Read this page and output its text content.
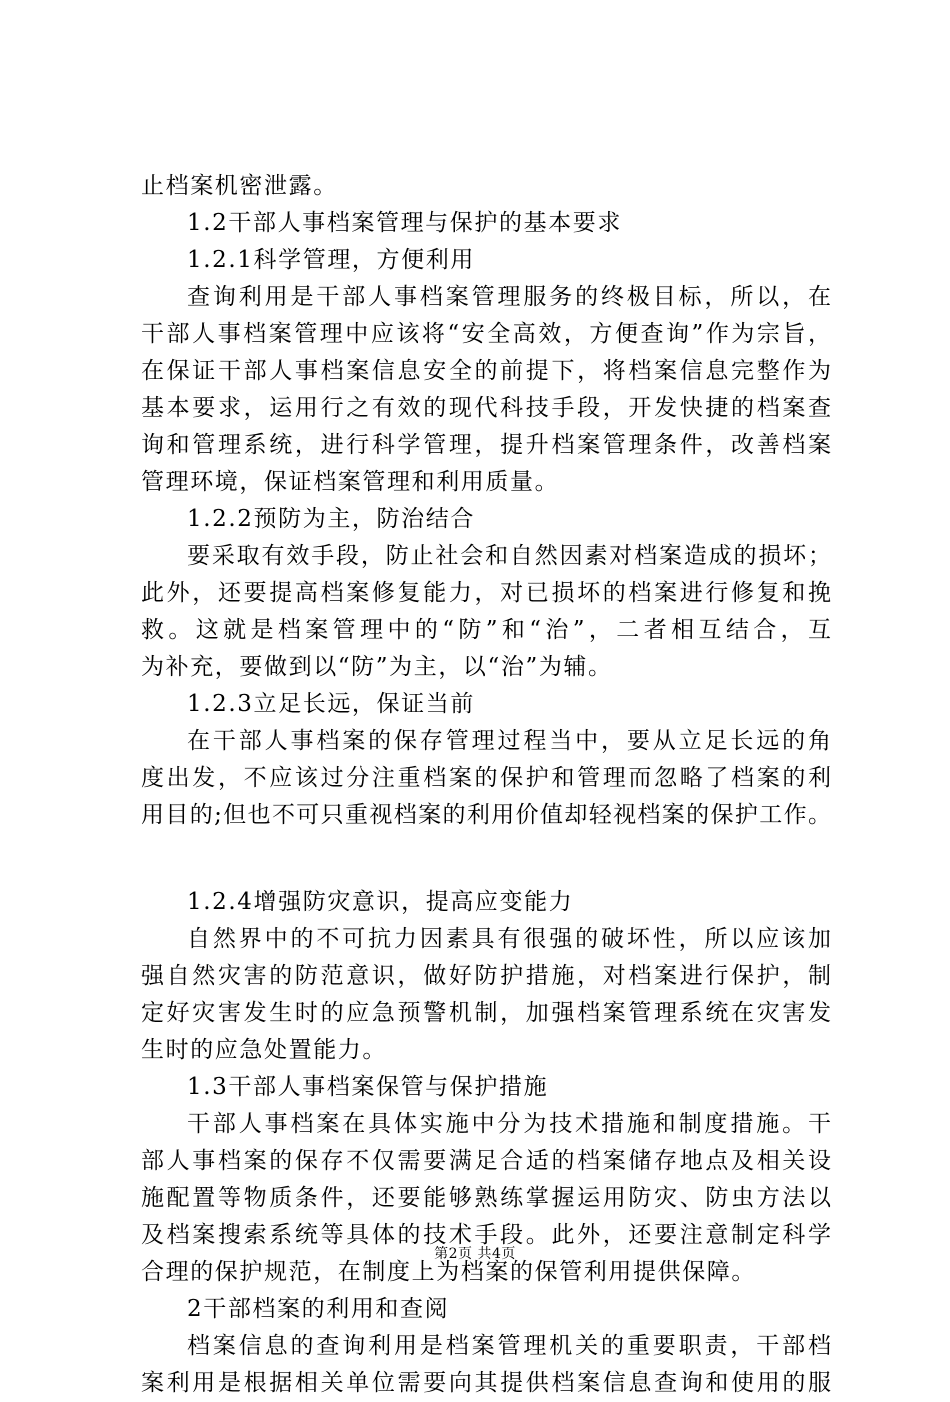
止档案机密泄露。
1.2干部人事档案管理与保护的基本要求
1.2.1科学管理，方便利用
查询利用是干部人事档案管理服务的终极目标，所以，在
干部人事档案管理中应该将“安全高效，方便查询”作为宗旨，
在保证干部人事档案信息安全的前提下，将档案信息完整作为
基本要求，运用行之有效的现代科技手段，开发快捷的档案查
询和管理系统，进行科学管理，提升档案管理条件，改善档案
管理环境，保证档案管理和利用质量。
1.2.2预防为主，防治结合
要采取有效手段，防止社会和自然因素对档案造成的损坏；
此外，还要提高档案修复能力，对已损坏的档案进行修复和挽
救。这就是档案管理中的“防”和“治”，二者相互结合，互
为补充，要做到以“防”为主，以“治”为辅。
1.2.3立足长远，保证当前
在干部人事档案的保存管理过程当中，要从立足长远的角
度出发，不应该过分注重档案的保护和管理而忽略了档案的利
用目的;但也不可只重视档案的利用价值却轻视档案的保护工作。
1.2.4增强防灾意识，提高应变能力
自然界中的不可抗力因素具有很强的破坏性，所以应该加
强自然灾害的防范意识，做好防护措施，对档案进行保护，制
定好灾害发生时的应急预警机制，加强档案管理系统在灾害发
生时的应急处置能力。
1.3干部人事档案保管与保护措施
干部人事档案在具体实施中分为技术措施和制度措施。干
部人事档案的保存不仅需要满足合适的档案储存地点及相关设
施配置等物质条件，还要能够熟练掌握运用防灾、防虫方法以
及档案搜索系统等具体的技术手段。此外，还要注意制定科学
合理的保护规范，在制度上为档案的保管利用提供保障。
2干部档案的利用和查阅
档案信息的查询利用是档案管理机关的重要职责，干部档
案利用是根据相关单位需要向其提供档案信息查询和使用的服
第2页 共4页
